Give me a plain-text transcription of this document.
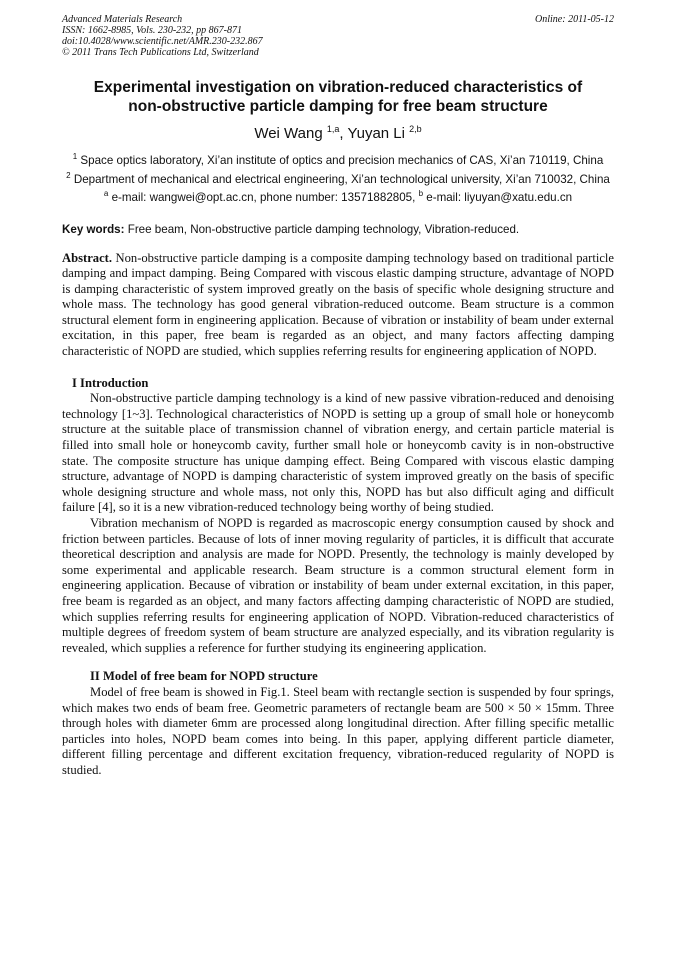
Advanced Materials Research
ISSN: 1662-8985, Vols. 230-232, pp 867-871
doi:10.4028/www.scientific.net/AMR.230-232.867
© 2011 Trans Tech Publications Ltd, Switzerland
Online: 2011-05-12
Experimental investigation on vibration-reduced characteristics of
non-obstructive particle damping for free beam structure
Wei Wang $^{1,a}$, Yuyan Li $^{2,b}$
$^1$ Space optics laboratory, Xi’an institute of optics and precision mechanics of CAS, Xi’an 710119, China
$^2$ Department of mechanical and electrical engineering, Xi’an technological university, Xi’an 710032, China
$^a$ e-mail: wangwei@opt.ac.cn, phone number: 13571882805, $^b$ e-mail: liyuyan@xatu.edu.cn
Key words: Free beam, Non-obstructive particle damping technology, Vibration-reduced.
Abstract. Non-obstructive particle damping is a composite damping technology based on traditional particle damping and impact damping. Being Compared with viscous elastic damping structure, advantage of NOPD is damping characteristic of system improved greatly on the basis of specific whole designing structure and whole mass. The technology has good general vibration-reduced outcome. Beam structure is a common structural element form in engineering application. Because of vibration or instability of beam under external excitation, in this paper, free beam is regarded as an object, and many factors affecting damping characteristic of NOPD are studied, which supplies referring results for engineering application of NOPD.
I Introduction
Non-obstructive particle damping technology is a kind of new passive vibration-reduced and denoising technology [1~3]. Technological characteristics of NOPD is setting up a group of small hole or honeycomb structure at the suitable place of transmission channel of vibration energy, and certain particle material is filled into small hole or honeycomb cavity, further small hole or honeycomb cavity is in non-obstructive state. The composite structure has unique damping effect. Being Compared with viscous elastic damping structure, advantage of NOPD is damping characteristic of system improved greatly on the basis of specific whole designing structure and whole mass, not only this, NOPD has but also difficult aging and difficult failure [4], so it is a new vibration-reduced technology being worthy of being studied.
Vibration mechanism of NOPD is regarded as macroscopic energy consumption caused by shock and friction between particles. Because of lots of inner moving regularity of particles, it is difficult that accurate theoretical description and analysis are made for NOPD. Presently, the technology is mainly developed by some experimental and applicable research. Beam structure is a common structural element form in engineering application. Because of vibration or instability of beam under external excitation, in this paper, free beam is regarded as an object, and many factors affecting damping characteristic of NOPD are studied, which supplies referring results for engineering application of NOPD. Vibration-reduced characteristics of multiple degrees of freedom system of beam structure are analyzed especially, and its vibration regularity is revealed, which supplies a reference for further studying its engineering application.
II Model of free beam for NOPD structure
Model of free beam is showed in Fig.1. Steel beam with rectangle section is suspended by four springs, which makes two ends of beam free. Geometric parameters of rectangle beam are 500 × 50 × 15mm. Three through holes with diameter 6mm are processed along longitudinal direction. After filling specific metallic particles into holes, NOPD beam comes into being. In this paper, applying different particle diameter, different filling percentage and different excitation frequency, vibration-reduced regularity of NOPD is studied.
